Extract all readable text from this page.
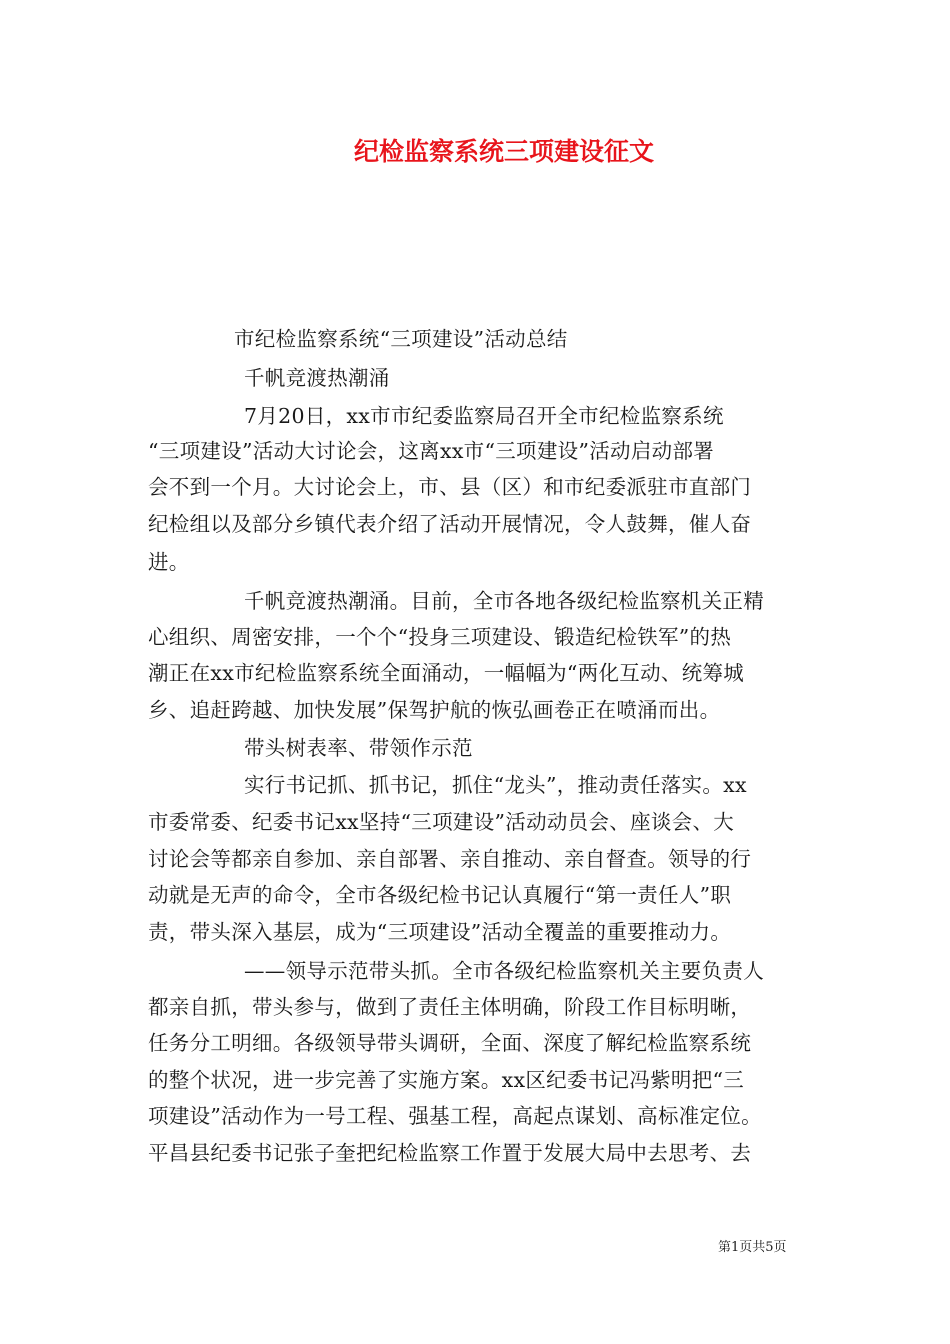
纪检监察系统三项建设征文
市纪检监察系统“三项建设”活动总结
千帆竞渡热潮涌
7月20日，xx市市纪委监察局召开全市纪检监察系统
“三项建设”活动大讨论会，这离xx市“三项建设”活动启动部署
会不到一个月。大讨论会上，市、县（区）和市纪委派驻市直部门
纪检组以及部分乡镇代表介绍了活动开展情况，令人鼓舞，催人奋
进。
千帆竞渡热潮涌。目前，全市各地各级纪检监察机关正精
心组织、周密安排，一个个“投身三项建设、锻造纪检铁军”的热
潮正在xx市纪检监察系统全面涌动，一幅幅为“两化互动、统筹城
乡、追赶跨越、加快发展”保驾护航的恢弘画卷正在喷涌而出。
带头树表率、带领作示范
实行书记抓、抓书记，抓住“龙头”，推动责任落实。xx
市委常委、纪委书记xx坚持“三项建设”活动动员会、座谈会、大
讨论会等都亲自参加、亲自部署、亲自推动、亲自督查。领导的行
动就是无声的命令，全市各级纪检书记认真履行“第一责任人”职
责，带头深入基层，成为“三项建设”活动全覆盖的重要推动力。
——领导示范带头抓。全市各级纪检监察机关主要负责人
都亲自抓，带头参与，做到了责任主体明确，阶段工作目标明晰，
任务分工明细。各级领导带头调研，全面、深度了解纪检监察系统
的整个状况，进一步完善了实施方案。xx区纪委书记冯紫明把“三
项建设”活动作为一号工程、强基工程，高起点谋划、高标准定位。
平昌县纪委书记张子奎把纪检监察工作置于发展大局中去思考、去
第1页共5页
